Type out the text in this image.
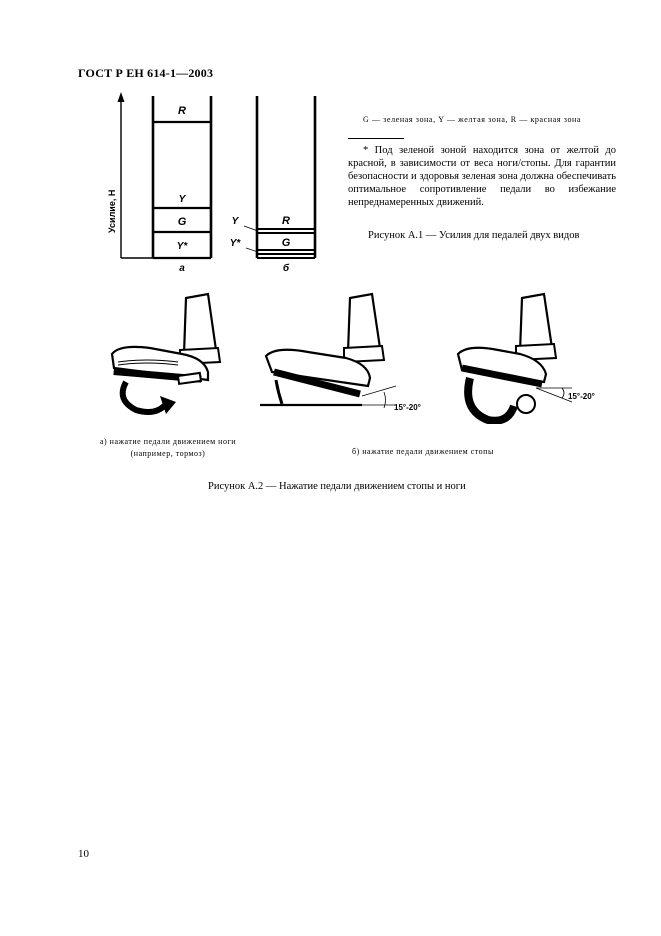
ГОСТ Р ЕН 614-1—2003
Усилие, Н
R
Y
G
Y*
а
R
G
Y
Y*
б
G — зеленая зона, Y — желтая зона, R — красная зона
* Под зеленой зоной находится зона от желтой до красной, в зависимости от веса ноги/стопы. Для гарантии безопасности и здоровья зеленая зона должна обеспечивать оптимальное сопротивление педали во избежание непреднамеренных движений.
Рисунок А.1 — Усилия для педалей двух видов
15°-20°
15°-20°
а) нажатие педали движением ноги
(например, тормоз)	б) нажатие педали движением стопы
Рисунок А.2 — Нажатие педали движением стопы и ноги
10
